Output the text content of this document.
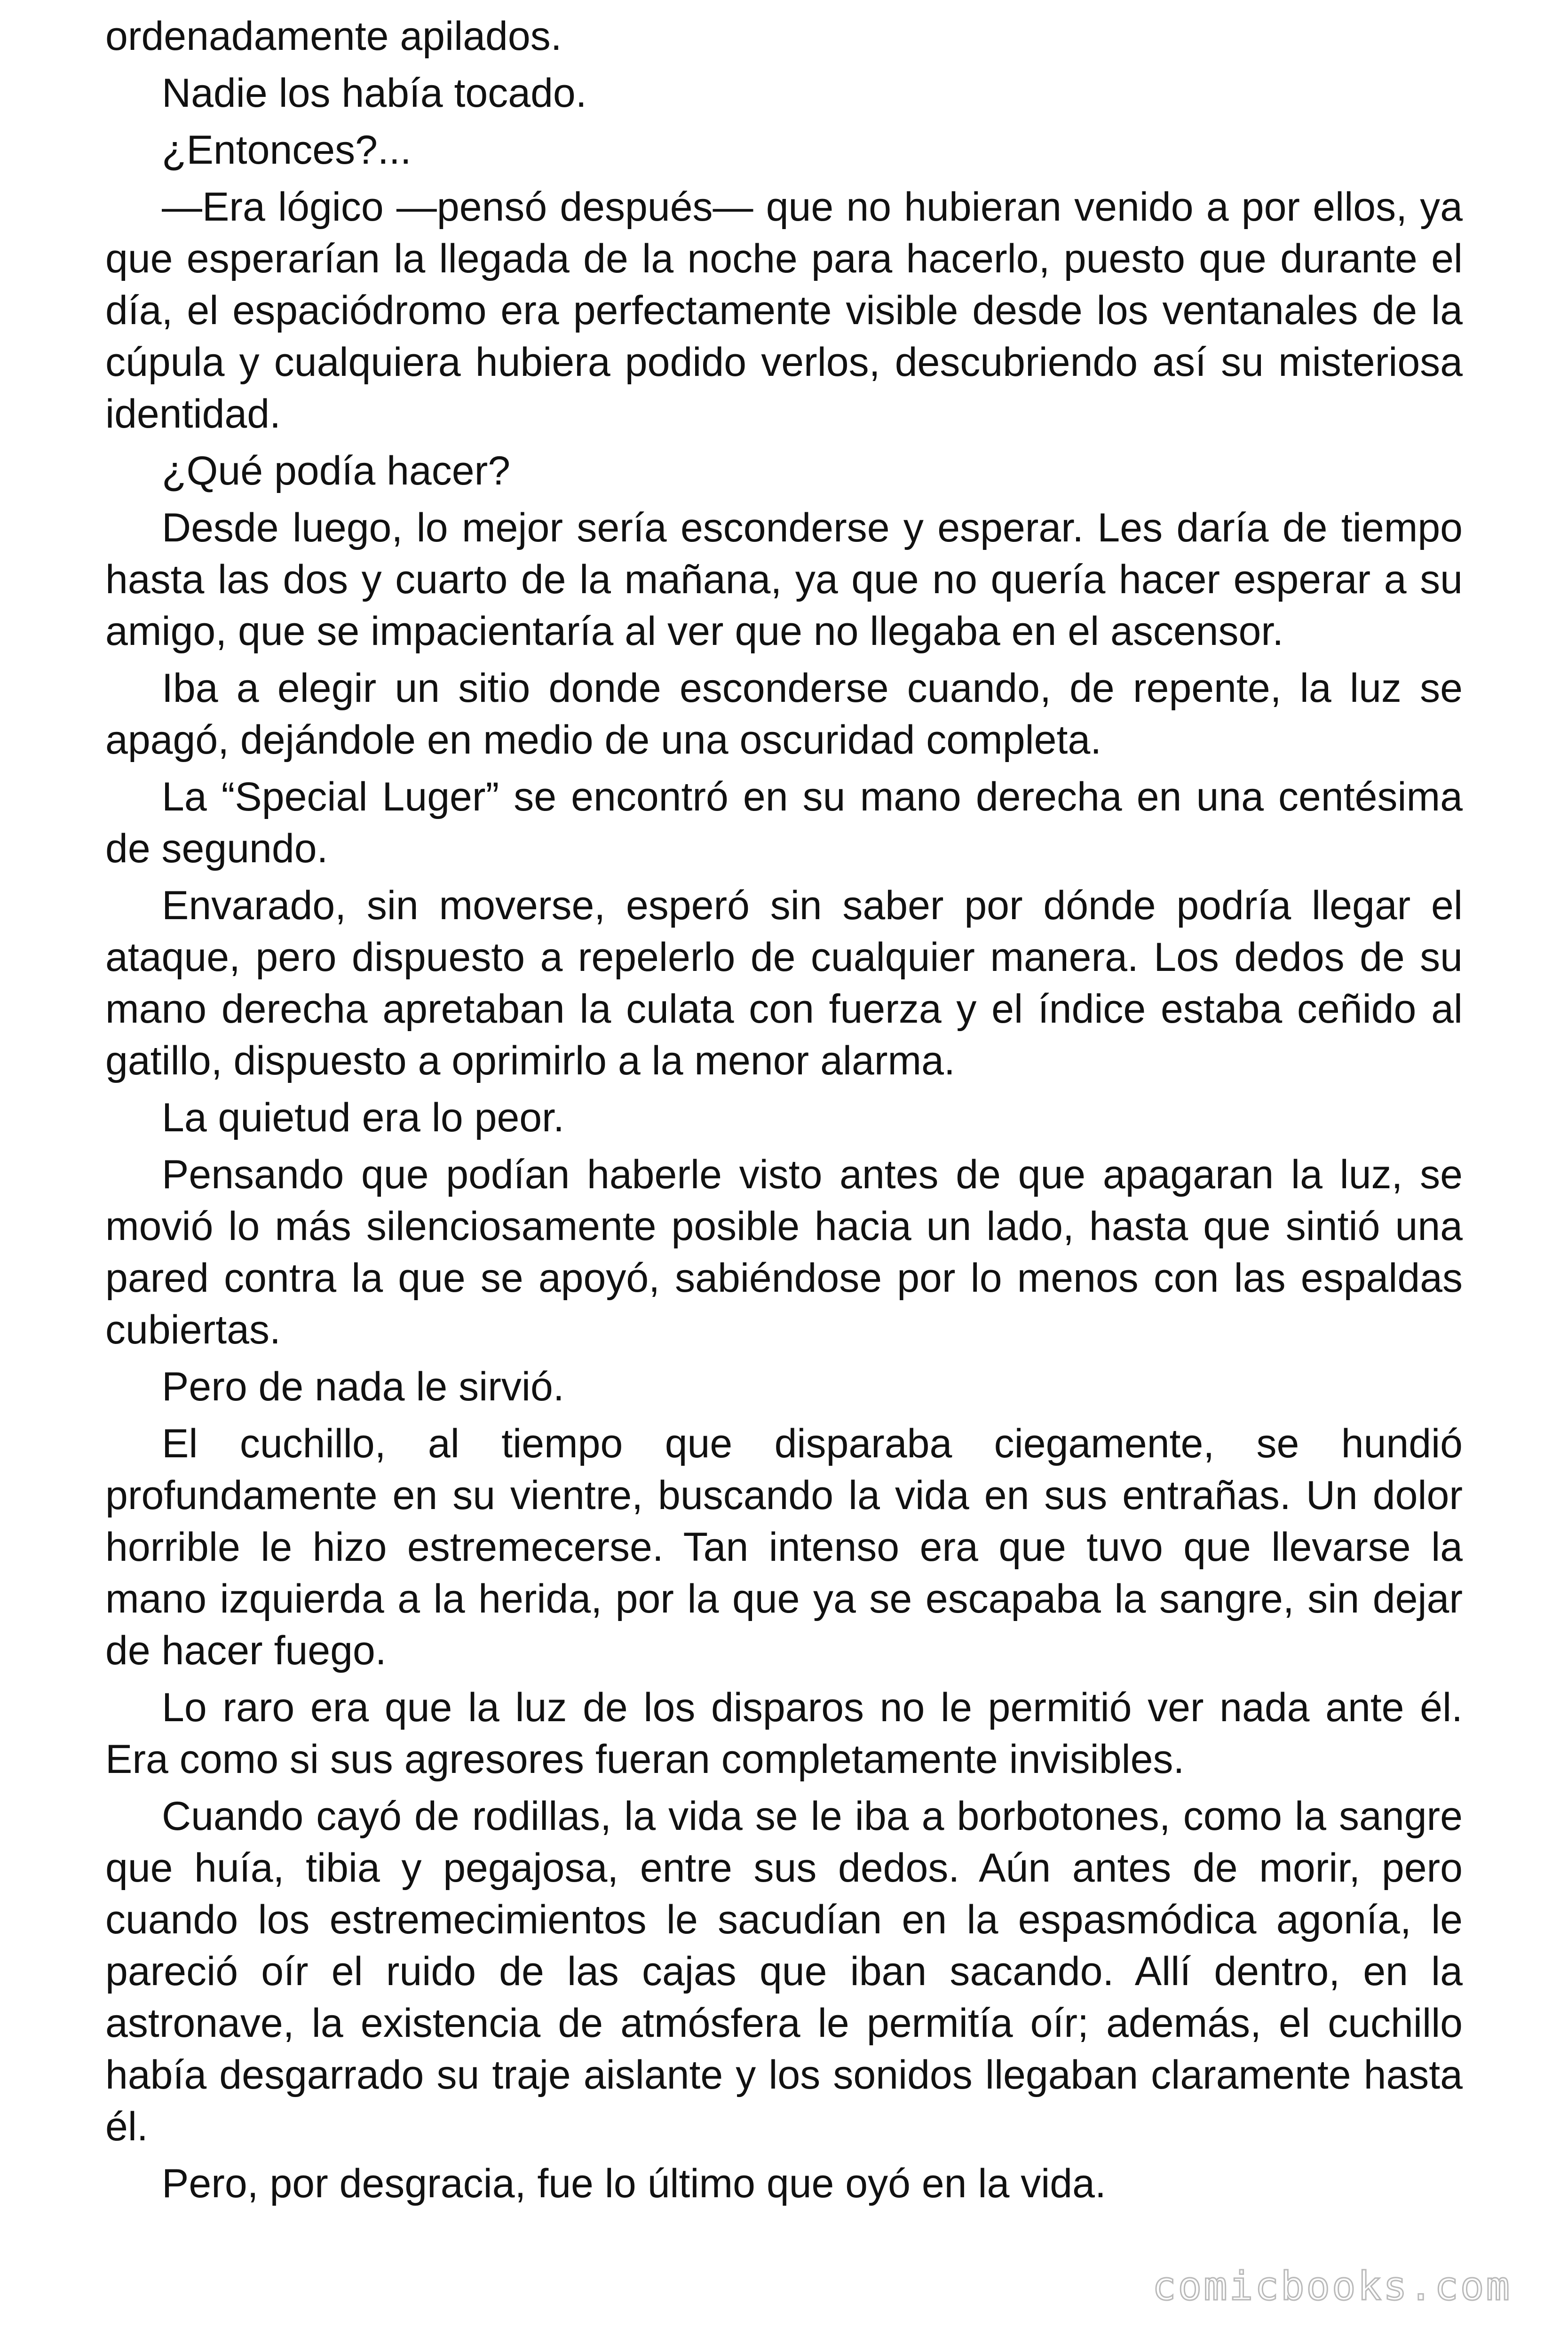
ordenadamente apilados.

Nadie los había tocado.

¿Entonces?...

—Era lógico —pensó después— que no hubieran venido a por ellos, ya que esperarían la llegada de la noche para hacerlo, puesto que durante el día, el espaciódromo era perfectamente visible desde los ventanales de la cúpula y cualquiera hubiera podido verlos, descubriendo así su misteriosa identidad.

¿Qué podía hacer?

Desde luego, lo mejor sería esconderse y esperar. Les daría de tiempo hasta las dos y cuarto de la mañana, ya que no quería hacer esperar a su amigo, que se impacientaría al ver que no llegaba en el ascensor.

Iba a elegir un sitio donde esconderse cuando, de repente, la luz se apagó, dejándole en medio de una oscuridad completa.

La “Special Luger” se encontró en su mano derecha en una centésima de segundo.

Envarado, sin moverse, esperó sin saber por dónde podría llegar el ataque, pero dispuesto a repelerlo de cualquier manera. Los dedos de su mano derecha apretaban la culata con fuerza y el índice estaba ceñido al gatillo, dispuesto a oprimirlo a la menor alarma.

La quietud era lo peor.

Pensando que podían haberle visto antes de que apagaran la luz, se movió lo más silenciosamente posible hacia un lado, hasta que sintió una pared contra la que se apoyó, sabiéndose por lo menos con las espaldas cubiertas.

Pero de nada le sirvió.

El cuchillo, al tiempo que disparaba ciegamente, se hundió profundamente en su vientre, buscando la vida en sus entrañas. Un dolor horrible le hizo estremecerse. Tan intenso era que tuvo que llevarse la mano izquierda a la herida, por la que ya se escapaba la sangre, sin dejar de hacer fuego.

Lo raro era que la luz de los disparos no le permitió ver nada ante él. Era como si sus agresores fueran completamente invisibles.

Cuando cayó de rodillas, la vida se le iba a borbotones, como la sangre que huía, tibia y pegajosa, entre sus dedos. Aún antes de morir, pero cuando los estremecimientos le sacudían en la espasmódica agonía, le pareció oír el ruido de las cajas que iban sacando. Allí dentro, en la astronave, la existencia de atmósfera le permitía oír; además, el cuchillo había desgarrado su traje aislante y los sonidos llegaban claramente hasta él.

Pero, por desgracia, fue lo último que oyó en la vida.

comicbooks.com
